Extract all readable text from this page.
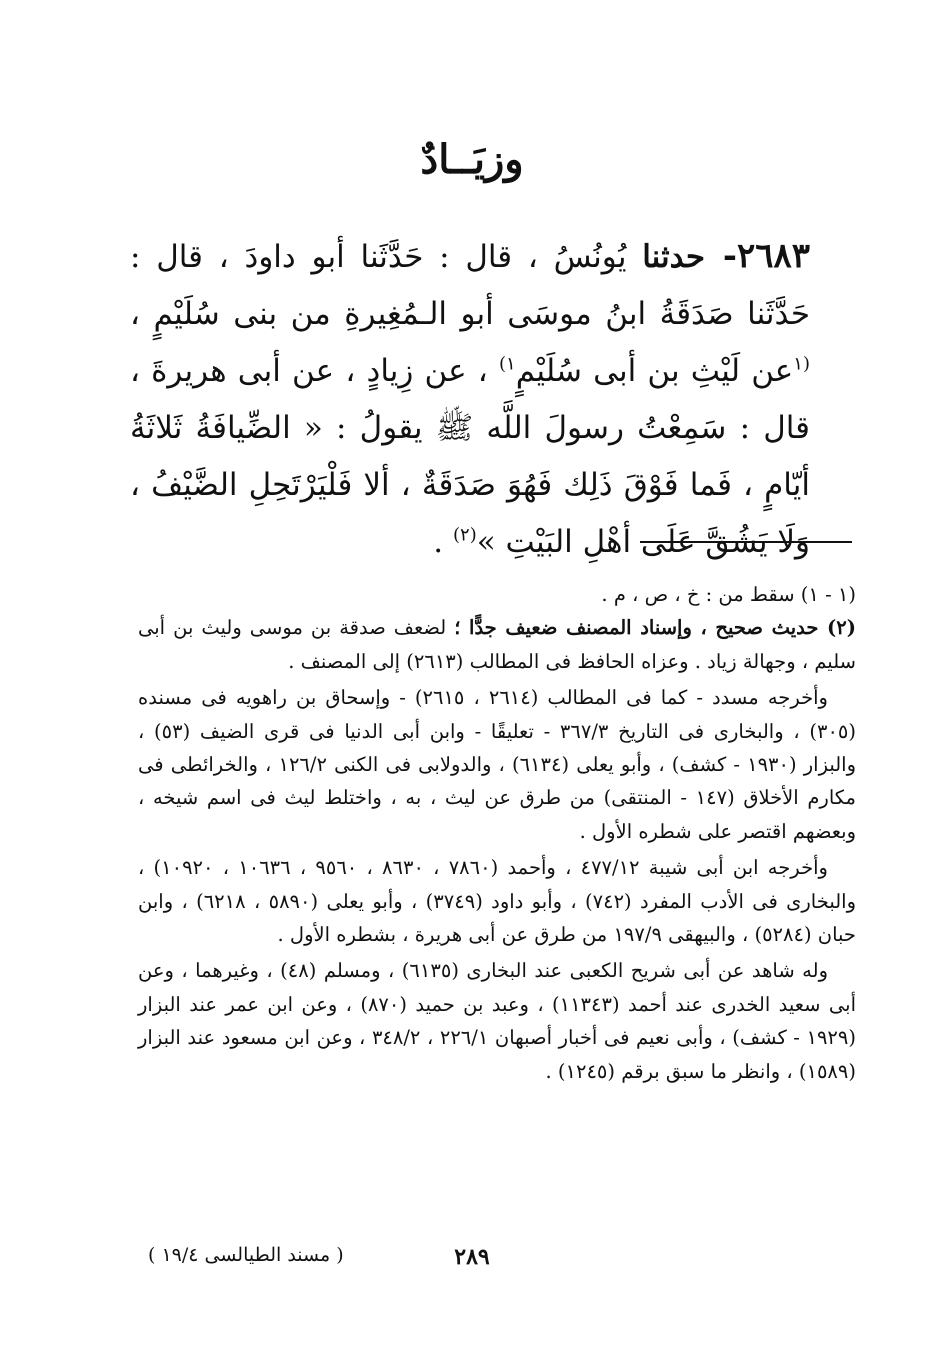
وزيَــادٌ
٢٦٨٣- حدثنا يُونُسُ ، قال : حَدَّثَنا أبو داودَ ، قال : حَدَّثَنا صَدَقَةُ ابنُ موسَى أبو الـمُغِيرةِ من بنى سُلَيْمٍ ، $^{(١}$عن لَيْثِ بن أبى سُلَيْمٍ$^{١)}$ ، عن زِيادٍ ، عن أبى هريرةَ ، قال : سَمِعْتُ رسولَ اللَّه ﷺ يقولُ : « الضِّيافَةُ ثَلاثَةُ أيّامٍ ، فَما فَوْقَ ذَلِك فَهُوَ صَدَقَةٌ ، ألا فَلْيَرْتَحِلِ الضَّيْفُ ، وَلَا يَشُقَّ عَلَى أهْلِ البَيْتِ »$^{(٢)}$ .

(١ - ١) سقط من : خ ، ص ، م .

(٢) حديث صحيح ، وإسناد المصنف ضعيف جدًّا ؛ لضعف صدقة بن موسى وليث بن أبى سليم ، وجهالة زياد . وعزاه الحافظ فى المطالب (٢٦١٣) إلى المصنف .

وأخرجه مسدد - كما فى المطالب (٢٦١٤ ، ٢٦١٥) - وإسحاق بن راهويه فى مسنده (٣٠٥) ، والبخارى فى التاريخ ٣٦٧/٣ - تعليقًا - وابن أبى الدنيا فى قرى الضيف (٥٣) ، والبزار (١٩٣٠ - كشف) ، وأبو يعلى (٦١٣٤) ، والدولابى فى الكنى ١٢٦/٢ ، والخرائطى فى مكارم الأخلاق (١٤٧ - المنتقى) من طرق عن ليث ، به ، واختلط ليث فى اسم شيخه ، وبعضهم اقتصر على شطره الأول .

وأخرجه ابن أبى شيبة ٤٧٧/١٢ ، وأحمد (٧٨٦٠ ، ٨٦٣٠ ، ٩٥٦٠ ، ١٠٦٣٦ ، ١٠٩٢٠) ، والبخارى فى الأدب المفرد (٧٤٢) ، وأبو داود (٣٧٤٩) ، وأبو يعلى (٥٨٩٠ ، ٦٢١٨) ، وابن حبان (٥٢٨٤) ، والبيهقى ١٩٧/٩ من طرق عن أبى هريرة ، بشطره الأول .

وله شاهد عن أبى شريح الكعبى عند البخارى (٦١٣٥) ، ومسلم (٤٨) ، وغيرهما ، وعن أبى سعيد الخدرى عند أحمد (١١٣٤٣) ، وعبد بن حميد (٨٧٠) ، وعن ابن عمر عند البزار (١٩٢٩ - كشف) ، وأبى نعيم فى أخبار أصبهان ٢٢٦/١ ، ٣٤٨/٢ ، وعن ابن مسعود عند البزار (١٥٨٩) ، وانظر ما سبق برقم (١٢٤٥) .

٢٨٩
( مسند الطيالسى ١٩/٤ )
